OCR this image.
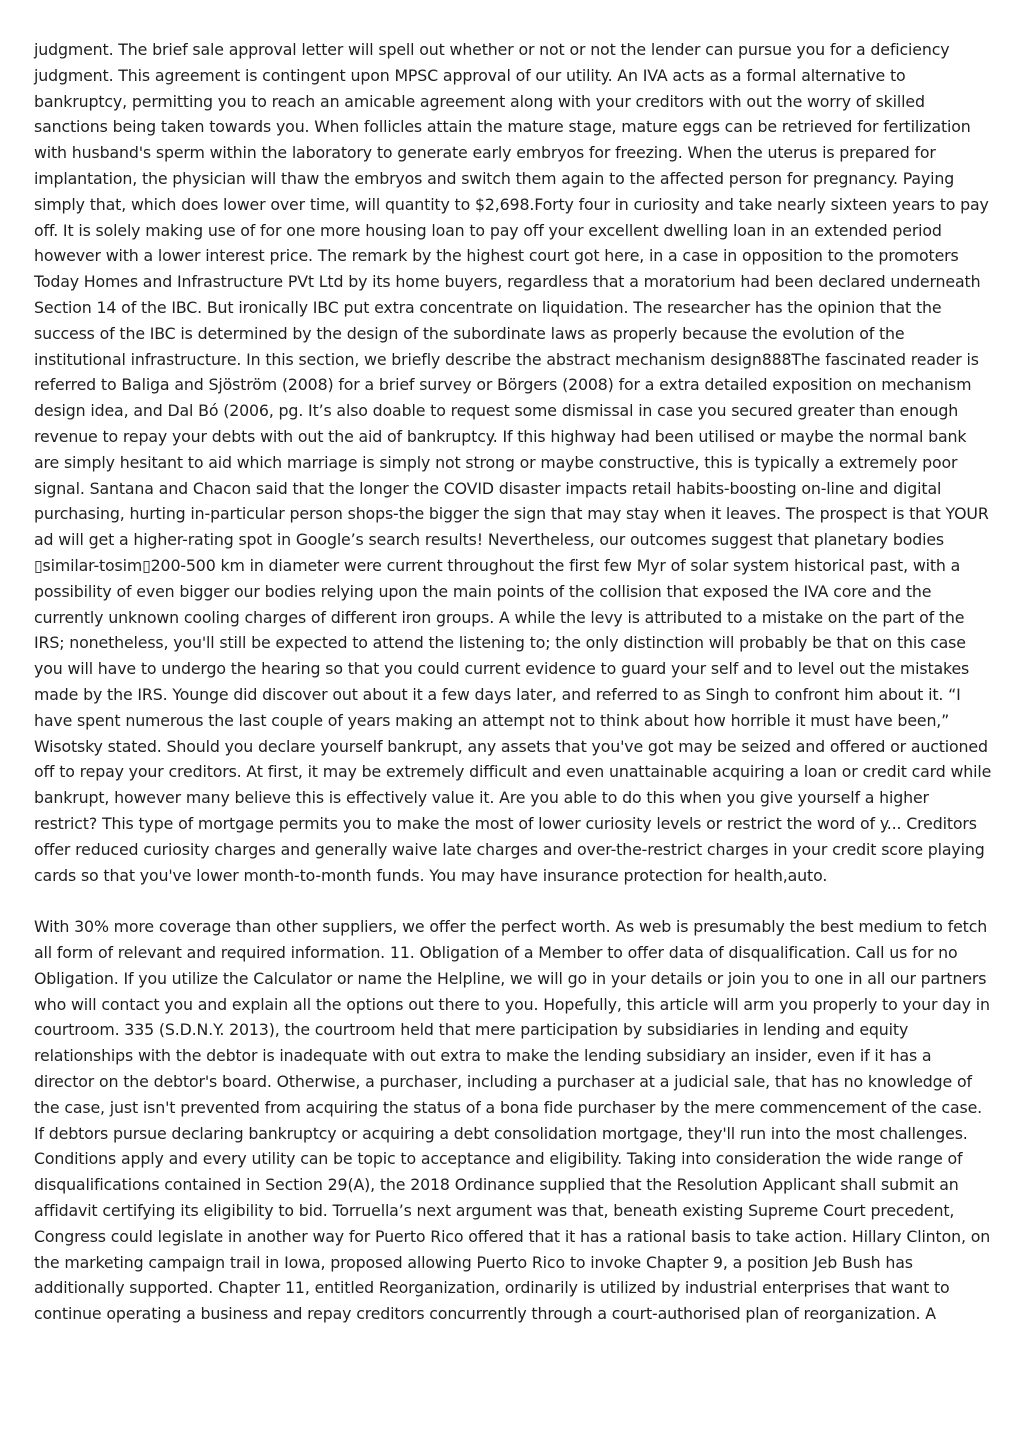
judgment. The brief sale approval letter will spell out whether or not or not the lender can pursue you for a deficiency judgment. This agreement is contingent upon MPSC approval of our utility. An IVA acts as a formal alternative to bankruptcy, permitting you to reach an amicable agreement along with your creditors with out the worry of skilled sanctions being taken towards you. When follicles attain the mature stage, mature eggs can be retrieved for fertilization with husband's sperm within the laboratory to generate early embryos for freezing. When the uterus is prepared for implantation, the physician will thaw the embryos and switch them again to the affected person for pregnancy. Paying simply that, which does lower over time, will quantity to $2,698.Forty four in curiosity and take nearly sixteen years to pay off. It is solely making use of for one more housing loan to pay off your excellent dwelling loan in an extended period however with a lower interest price. The remark by the highest court got here, in a case in opposition to the promoters Today Homes and Infrastructure PVt Ltd by its home buyers, regardless that a moratorium had been declared underneath Section 14 of the IBC. But ironically IBC put extra concentrate on liquidation. The researcher has the opinion that the success of the IBC is determined by the design of the subordinate laws as properly because the evolution of the institutional infrastructure. In this section, we briefly describe the abstract mechanism design888The fascinated reader is referred to Baliga and Sjöström (2008) for a brief survey or Börgers (2008) for a extra detailed exposition on mechanism design idea, and Dal Bó (2006, pg. It’s also doable to request some dismissal in case you secured greater than enough revenue to repay your debts with out the aid of bankruptcy. If this highway had been utilised or maybe the normal bank are simply hesitant to aid which marriage is simply not strong or maybe constructive, this is typically a extremely poor signal. Santana and Chacon said that the longer the COVID disaster impacts retail habits-boosting on-line and digital purchasing, hurting in-particular person shops-the bigger the sign that may stay when it leaves. The prospect is that YOUR ad will get a higher-rating spot in Google’s search results! Nevertheless, our outcomes suggest that planetary bodies ▯similar-tosim▯200-500 km in diameter were current throughout the first few Myr of solar system historical past, with a possibility of even bigger our bodies relying upon the main points of the collision that exposed the IVA core and the currently unknown cooling charges of different iron groups. A while the levy is attributed to a mistake on the part of the IRS; nonetheless, you'll still be expected to attend the listening to; the only distinction will probably be that on this case you will have to undergo the hearing so that you could current evidence to guard your self and to level out the mistakes made by the IRS. Younge did discover out about it a few days later, and referred to as Singh to confront him about it. “I have spent numerous the last couple of years making an attempt not to think about how horrible it must have been,” Wisotsky stated. Should you declare yourself bankrupt, any assets that you've got may be seized and offered or auctioned off to repay your creditors. At first, it may be extremely difficult and even unattainable acquiring a loan or credit card while bankrupt, however many believe this is effectively value it. Are you able to do this when you give yourself a higher restrict? This type of mortgage permits you to make the most of lower curiosity levels or restrict the word of y... Creditors offer reduced curiosity charges and generally waive late charges and over-the-restrict charges in your credit score playing cards so that you've lower month-to-month funds. You may have insurance protection for health,auto.

With 30% more coverage than other suppliers, we offer the perfect worth. As web is presumably the best medium to fetch all form of relevant and required information. 11. Obligation of a Member to offer data of disqualification. Call us for no Obligation. If you utilize the Calculator or name the Helpline, we will go in your details or join you to one in all our partners who will contact you and explain all the options out there to you. Hopefully, this article will arm you properly to your day in courtroom. 335 (S.D.N.Y. 2013), the courtroom held that mere participation by subsidiaries in lending and equity relationships with the debtor is inadequate with out extra to make the lending subsidiary an insider, even if it has a director on the debtor's board. Otherwise, a purchaser, including a purchaser at a judicial sale, that has no knowledge of the case, just isn't prevented from acquiring the status of a bona fide purchaser by the mere commencement of the case. If debtors pursue declaring bankruptcy or acquiring a debt consolidation mortgage, they'll run into the most challenges. Conditions apply and every utility can be topic to acceptance and eligibility. Taking into consideration the wide range of disqualifications contained in Section 29(A), the 2018 Ordinance supplied that the Resolution Applicant shall submit an affidavit certifying its eligibility to bid. Torruella’s next argument was that, beneath existing Supreme Court precedent, Congress could legislate in another way for Puerto Rico offered that it has a rational basis to take action. Hillary Clinton, on the marketing campaign trail in Iowa, proposed allowing Puerto Rico to invoke Chapter 9, a position Jeb Bush has additionally supported. Chapter 11, entitled Reorganization, ordinarily is utilized by industrial enterprises that want to continue operating a business and repay creditors concurrently through a court-authorised plan of reorganization. A
